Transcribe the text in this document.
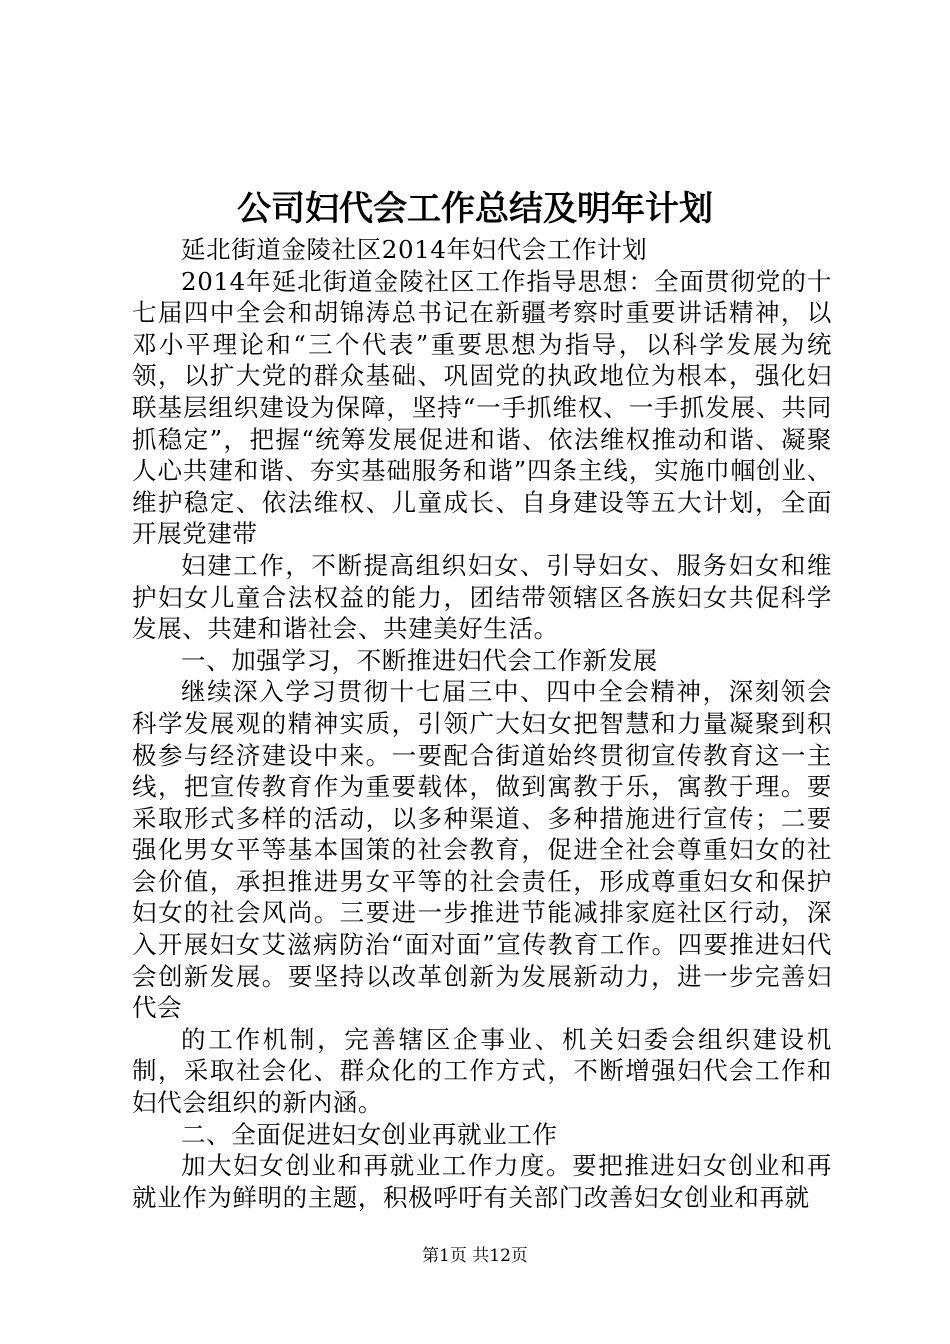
公司妇代会工作总结及明年计划

延北街道金陵社区2014年妇代会工作计划

2014年延北街道金陵社区工作指导思想：全面贯彻党的十七届四中全会和胡锦涛总书记在新疆考察时重要讲话精神，以邓小平理论和“三个代表”重要思想为指导，以科学发展为统领，以扩大党的群众基础、巩固党的执政地位为根本，强化妇联基层组织建设为保障，坚持“一手抓维权、一手抓发展、共同抓稳定”，把握“统筹发展促进和谐、依法维权推动和谐、凝聚人心共建和谐、夯实基础服务和谐”四条主线，实施巾帼创业、维护稳定、依法维权、儿童成长、自身建设等五大计划，全面开展党建带

妇建工作，不断提高组织妇女、引导妇女、服务妇女和维护妇女儿童合法权益的能力，团结带领辖区各族妇女共促科学发展、共建和谐社会、共建美好生活。

一、加强学习，不断推进妇代会工作新发展

继续深入学习贯彻十七届三中、四中全会精神，深刻领会科学发展观的精神实质，引领广大妇女把智慧和力量凝聚到积极参与经济建设中来。一要配合街道始终贯彻宣传教育这一主线，把宣传教育作为重要载体，做到寓教于乐，寓教于理。要采取形式多样的活动，以多种渠道、多种措施进行宣传；二要强化男女平等基本国策的社会教育，促进全社会尊重妇女的社会价值，承担推进男女平等的社会责任，形成尊重妇女和保护妇女的社会风尚。三要进一步推进节能减排家庭社区行动，深入开展妇女艾滋病防治“面对面”宣传教育工作。四要推进妇代会创新发展。要坚持以改革创新为发展新动力，进一步完善妇代会

的工作机制，完善辖区企事业、机关妇委会组织建设机制，采取社会化、群众化的工作方式，不断增强妇代会工作和妇代会组织的新内涵。

二、全面促进妇女创业再就业工作

加大妇女创业和再就业工作力度。要把推进妇女创业和再就业作为鲜明的主题，积极呼吁有关部门改善妇女创业和再就

第1页 共12页
